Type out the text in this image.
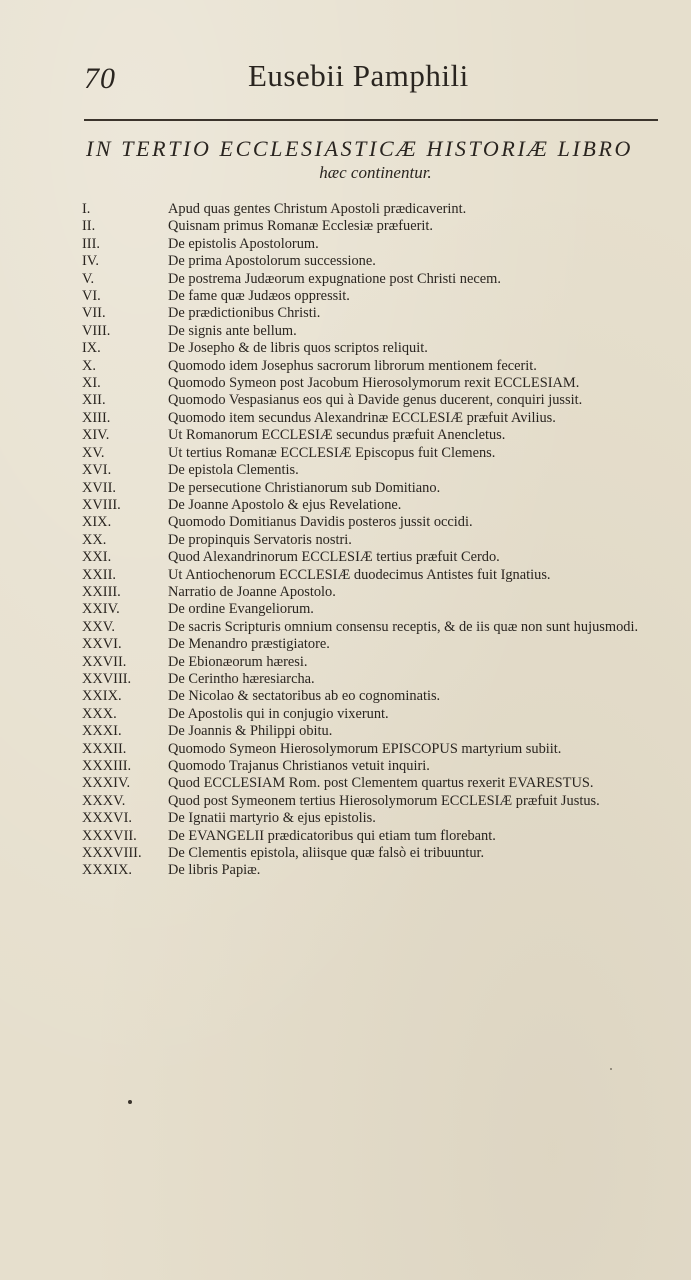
70	Eusebii Pamphili
IN TERTIO ECCLESIASTICÆ HISTORIÆ LIBRO
hæc continentur.
I.	Apud quas gentes Christum Apostoli prædicaverint.
II.	Quisnam primus Romanæ Ecclesiæ præfuerit.
III.	De epistolis Apostolorum.
IV.	De prima Apostolorum successione.
V.	De postrema Judæorum expugnatione post Christi necem.
VI.	De fame quæ Judæos oppressit.
VII.	De prædictionibus Christi.
VIII.	De signis ante bellum.
IX.	De Josepho & de libris quos scriptos reliquit.
X.	Quomodo idem Josephus sacrorum librorum mentionem fecerit.
XI.	Quomodo Symeon post Jacobum Hierosolymorum rexit ECCLESIAM.
XII.	Quomodo Vespasianus eos qui à Davide genus ducerent, conquiri jussit.
XIII.	Quomodo item secundus Alexandrinæ ECCLESIÆ præfuit Avilius.
XIV.	Ut Romanorum ECCLESIÆ secundus præfuit Anencletus.
XV.	Ut tertius Romanæ ECCLESIÆ Episcopus fuit Clemens.
XVI.	De epistola Clementis.
XVII.	De persecutione Christianorum sub Domitiano.
XVIII.	De Joanne Apostolo & ejus Revelatione.
XIX.	Quomodo Domitianus Davidis posteros jussit occidi.
XX.	De propinquis Servatoris nostri.
XXI.	Quod Alexandrinorum ECCLESIÆ tertius præfuit Cerdo.
XXII.	Ut Antiochenorum ECCLESIÆ duodecimus Antistes fuit Ignatius.
XXIII.	Narratio de Joanne Apostolo.
XXIV.	De ordine Evangeliorum.
XXV.	De sacris Scripturis omnium consensu receptis, & de iis quæ non sunt hujusmodi.
XXVI.	De Menandro præstigiatore.
XXVII.	De Ebionæorum hæresi.
XXVIII.	De Cerintho hæresiarcha.
XXIX.	De Nicolao & sectatoribus ab eo cognominatis.
XXX.	De Apostolis qui in conjugio vixerunt.
XXXI.	De Joannis & Philippi obitu.
XXXII.	Quomodo Symeon Hierosolymorum EPISCOPUS martyrium subiit.
XXXIII.	Quomodo Trajanus Christianos vetuit inquiri.
XXXIV.	Quod ECCLESIAM Rom. post Clementem quartus rexerit EVARESTUS.
XXXV.	Quod post Symeonem tertius Hierosolymorum ECCLESIÆ præfuit Justus.
XXXVI.	De Ignatii martyrio & ejus epistolis.
XXXVII.	De EVANGELII prædicatoribus qui etiam tum florebant.
XXXVIII.	De Clementis epistola, aliisque quæ falsò ei tribuuntur.
XXXIX.	De libris Papiæ.
